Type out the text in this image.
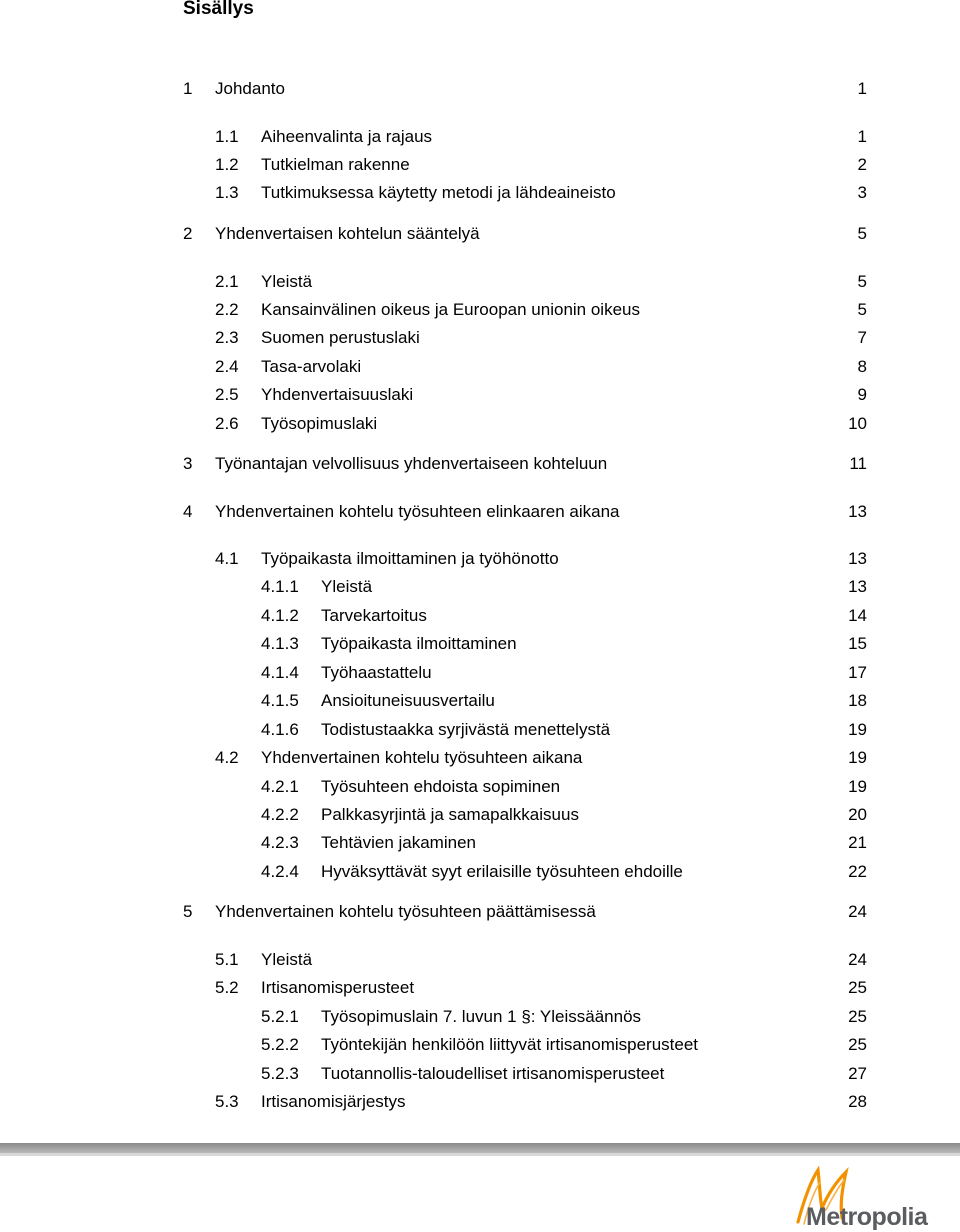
Sisällys
1 Johdanto	1
1.1 Aiheenvalinta ja rajaus	1
1.2 Tutkielman rakenne	2
1.3 Tutkimuksessa käytetty metodi ja lähdeaineisto	3
2 Yhdenvertaisen kohtelun sääntelyä	5
2.1 Yleistä	5
2.2 Kansainvälinen oikeus ja Euroopan unionin oikeus	5
2.3 Suomen perustuslaki	7
2.4 Tasa-arvolaki	8
2.5 Yhdenvertaisuuslaki	9
2.6 Työsopimuslaki	10
3 Työnantajan velvollisuus yhdenvertaiseen kohteluun	11
4 Yhdenvertainen kohtelu työsuhteen elinkaaren aikana	13
4.1 Työpaikasta ilmoittaminen ja työhönotto	13
4.1.1 Yleistä	13
4.1.2 Tarvekartoitus	14
4.1.3 Työpaikasta ilmoittaminen	15
4.1.4 Työhaastattelu	17
4.1.5 Ansioituneisuusvertailu	18
4.1.6 Todistustaakka syrjivästä menettelystä	19
4.2 Yhdenvertainen kohtelu työsuhteen aikana	19
4.2.1 Työsuhteen ehdoista sopiminen	19
4.2.2 Palkkasyrjintä ja samapalkkaisuus	20
4.2.3 Tehtävien jakaminen	21
4.2.4 Hyväksyttävät syyt erilaisille työsuhteen ehdoille	22
5 Yhdenvertainen kohtelu työsuhteen päättämisessä	24
5.1 Yleistä	24
5.2 Irtisanomisperusteet	25
5.2.1 Työsopimuslain 7. luvun 1 §: Yleissäännös	25
5.2.2 Työntekijän henkilöön liittyvät irtisanomisperusteet	25
5.2.3 Tuotannollis-taloudelliset irtisanomisperusteet	27
5.3 Irtisanomisjärjestys	28
Metropolia
